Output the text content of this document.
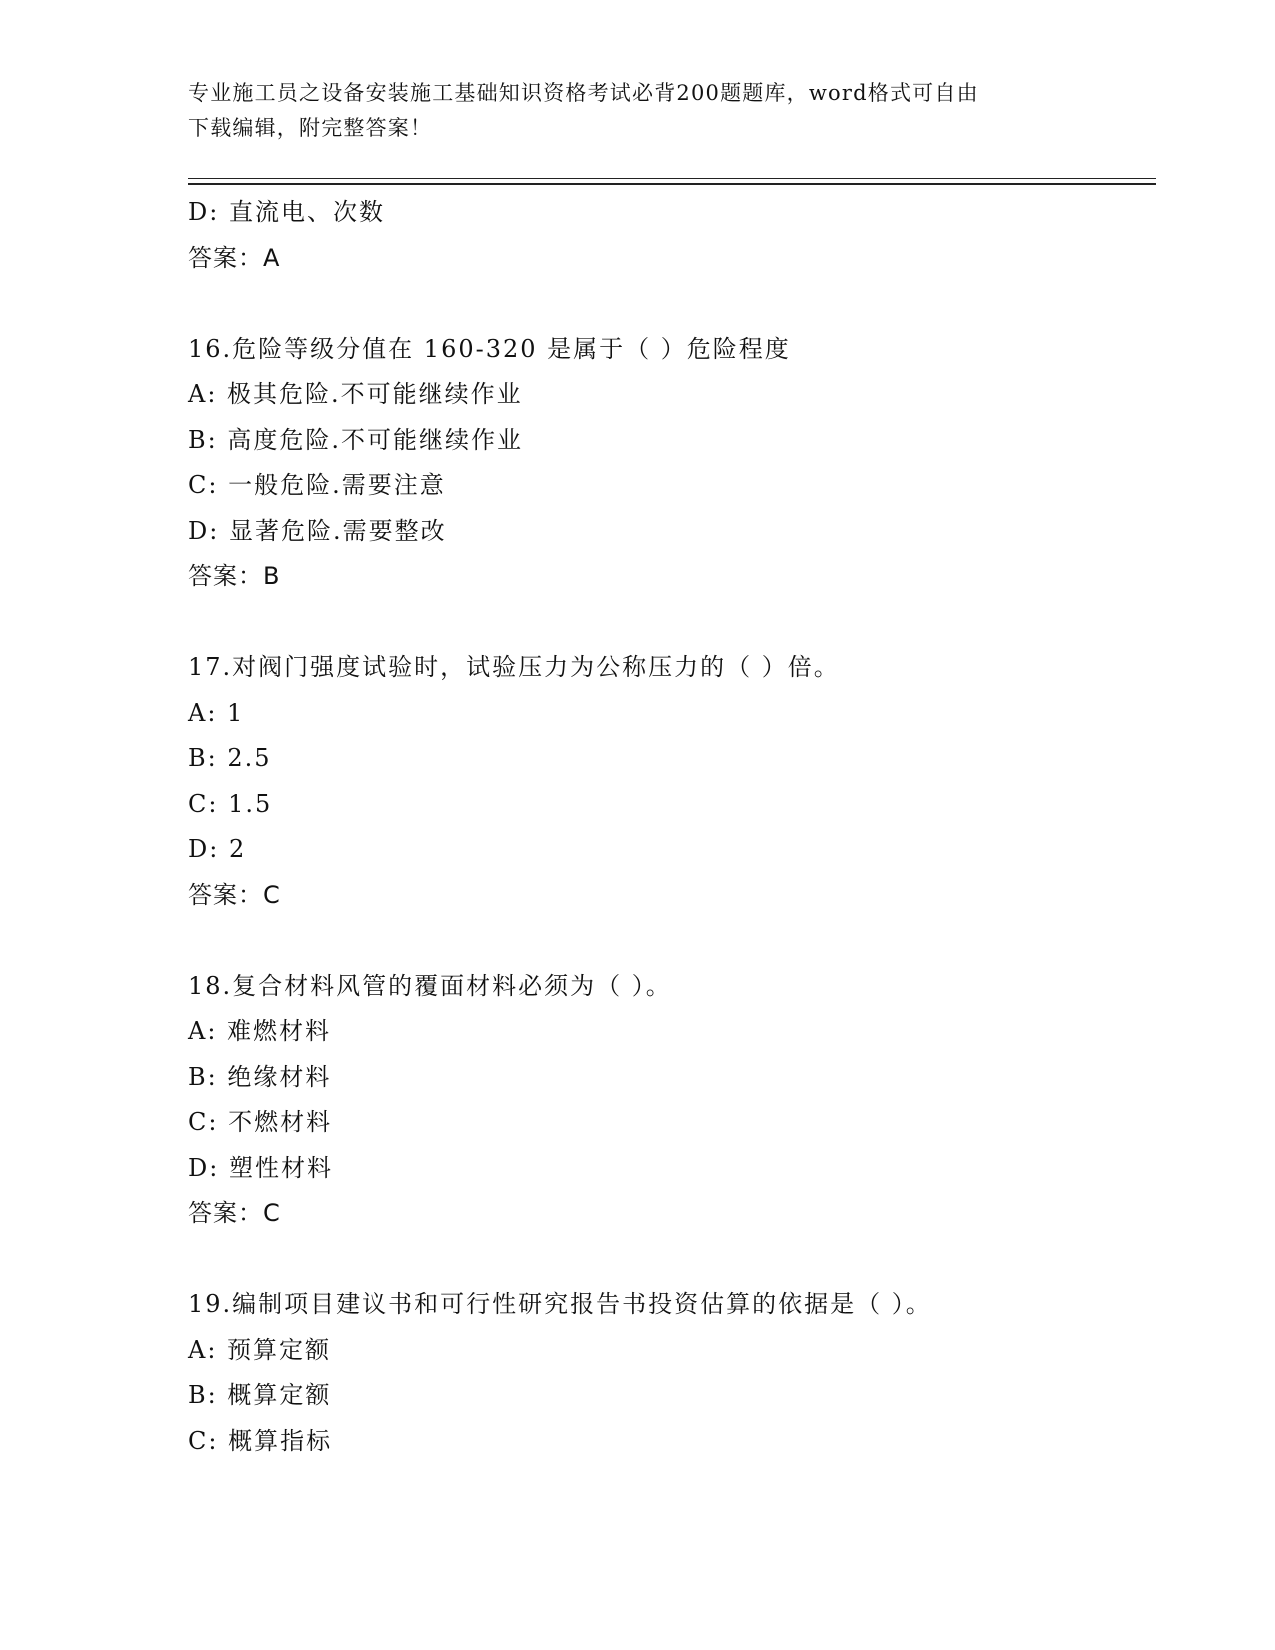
专业施工员之设备安装施工基础知识资格考试必背200题题库，word格式可自由
下载编辑，附完整答案！
D: 直流电、次数
答案：A
16.危险等级分值在 160-320 是属于（ ）危险程度
A: 极其危险.不可能继续作业
B: 高度危险.不可能继续作业
C: 一般危险.需要注意
D: 显著危险.需要整改
答案：B
17.对阀门强度试验时，试验压力为公称压力的（ ）倍。
A: 1
B: 2.5
C: 1.5
D: 2
答案：C
18.复合材料风管的覆面材料必须为（ ）。
A: 难燃材料
B: 绝缘材料
C: 不燃材料
D: 塑性材料
答案：C
19.编制项目建议书和可行性研究报告书投资估算的依据是（ ）。
A: 预算定额
B: 概算定额
C: 概算指标
